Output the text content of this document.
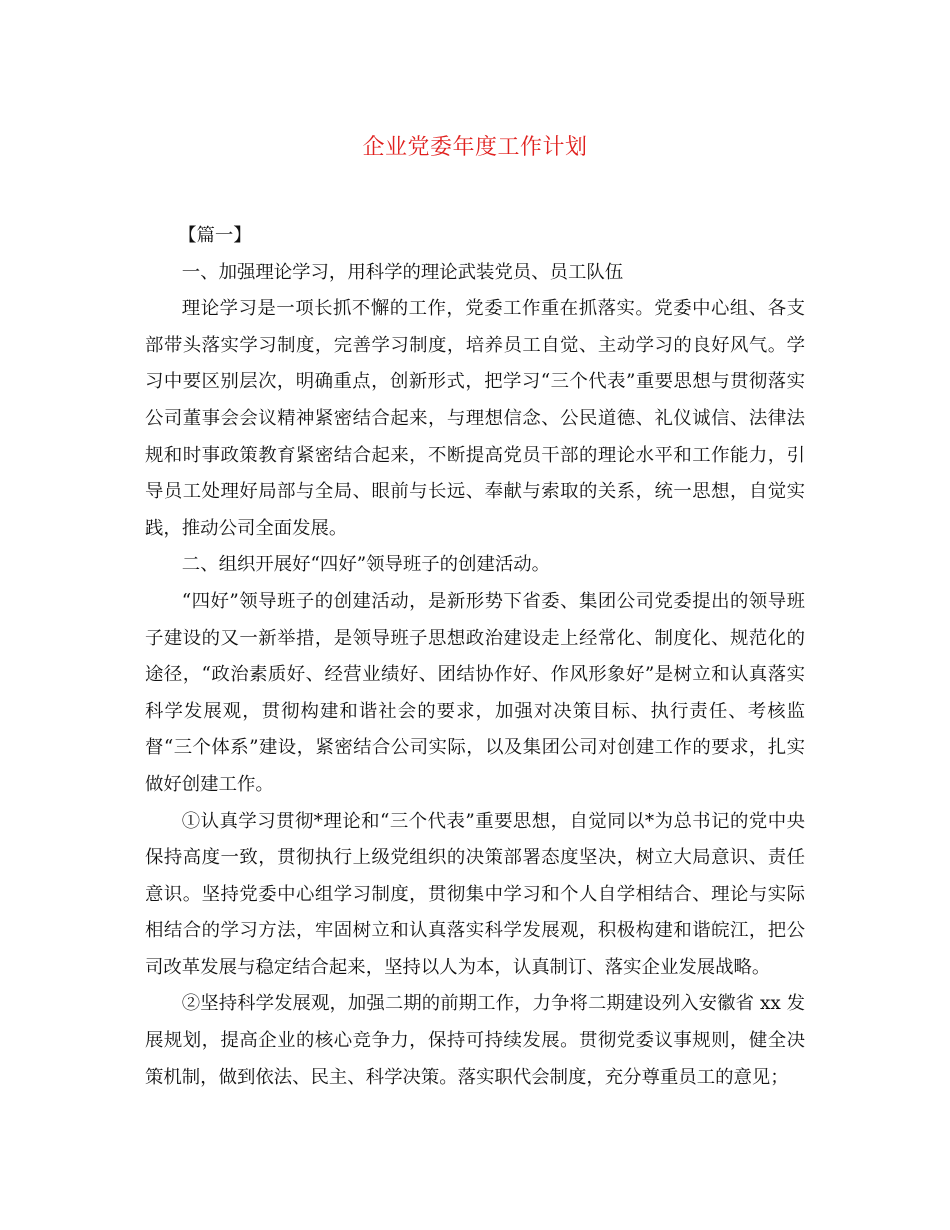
企业党委年度工作计划

【篇一】

一、加强理论学习，用科学的理论武装党员、员工队伍

理论学习是一项长抓不懈的工作，党委工作重在抓落实。党委中心组、各支部带头落实学习制度，完善学习制度，培养员工自觉、主动学习的良好风气。学习中要区别层次，明确重点，创新形式，把学习“三个代表”重要思想与贯彻落实公司董事会会议精神紧密结合起来，与理想信念、公民道德、礼仪诚信、法律法规和时事政策教育紧密结合起来，不断提高党员干部的理论水平和工作能力，引导员工处理好局部与全局、眼前与长远、奉献与索取的关系，统一思想，自觉实践，推动公司全面发展。

二、组织开展好“四好”领导班子的创建活动。

“四好”领导班子的创建活动，是新形势下省委、集团公司党委提出的领导班子建设的又一新举措，是领导班子思想政治建设走上经常化、制度化、规范化的途径，“政治素质好、经营业绩好、团结协作好、作风形象好”是树立和认真落实科学发展观，贯彻构建和谐社会的要求，加强对决策目标、执行责任、考核监督“三个体系”建设，紧密结合公司实际，以及集团公司对创建工作的要求，扎实做好创建工作。

①认真学习贯彻*理论和“三个代表”重要思想，自觉同以*为总书记的党中央保持高度一致，贯彻执行上级党组织的决策部署态度坚决，树立大局意识、责任意识。坚持党委中心组学习制度，贯彻集中学习和个人自学相结合、理论与实际相结合的学习方法，牢固树立和认真落实科学发展观，积极构建和谐皖江，把公司改革发展与稳定结合起来，坚持以人为本，认真制订、落实企业发展战略。

②坚持科学发展观，加强二期的前期工作，力争将二期建设列入安徽省 xx 发展规划，提高企业的核心竞争力，保持可持续发展。贯彻党委议事规则，健全决策机制，做到依法、民主、科学决策。落实职代会制度，充分尊重员工的意见；
